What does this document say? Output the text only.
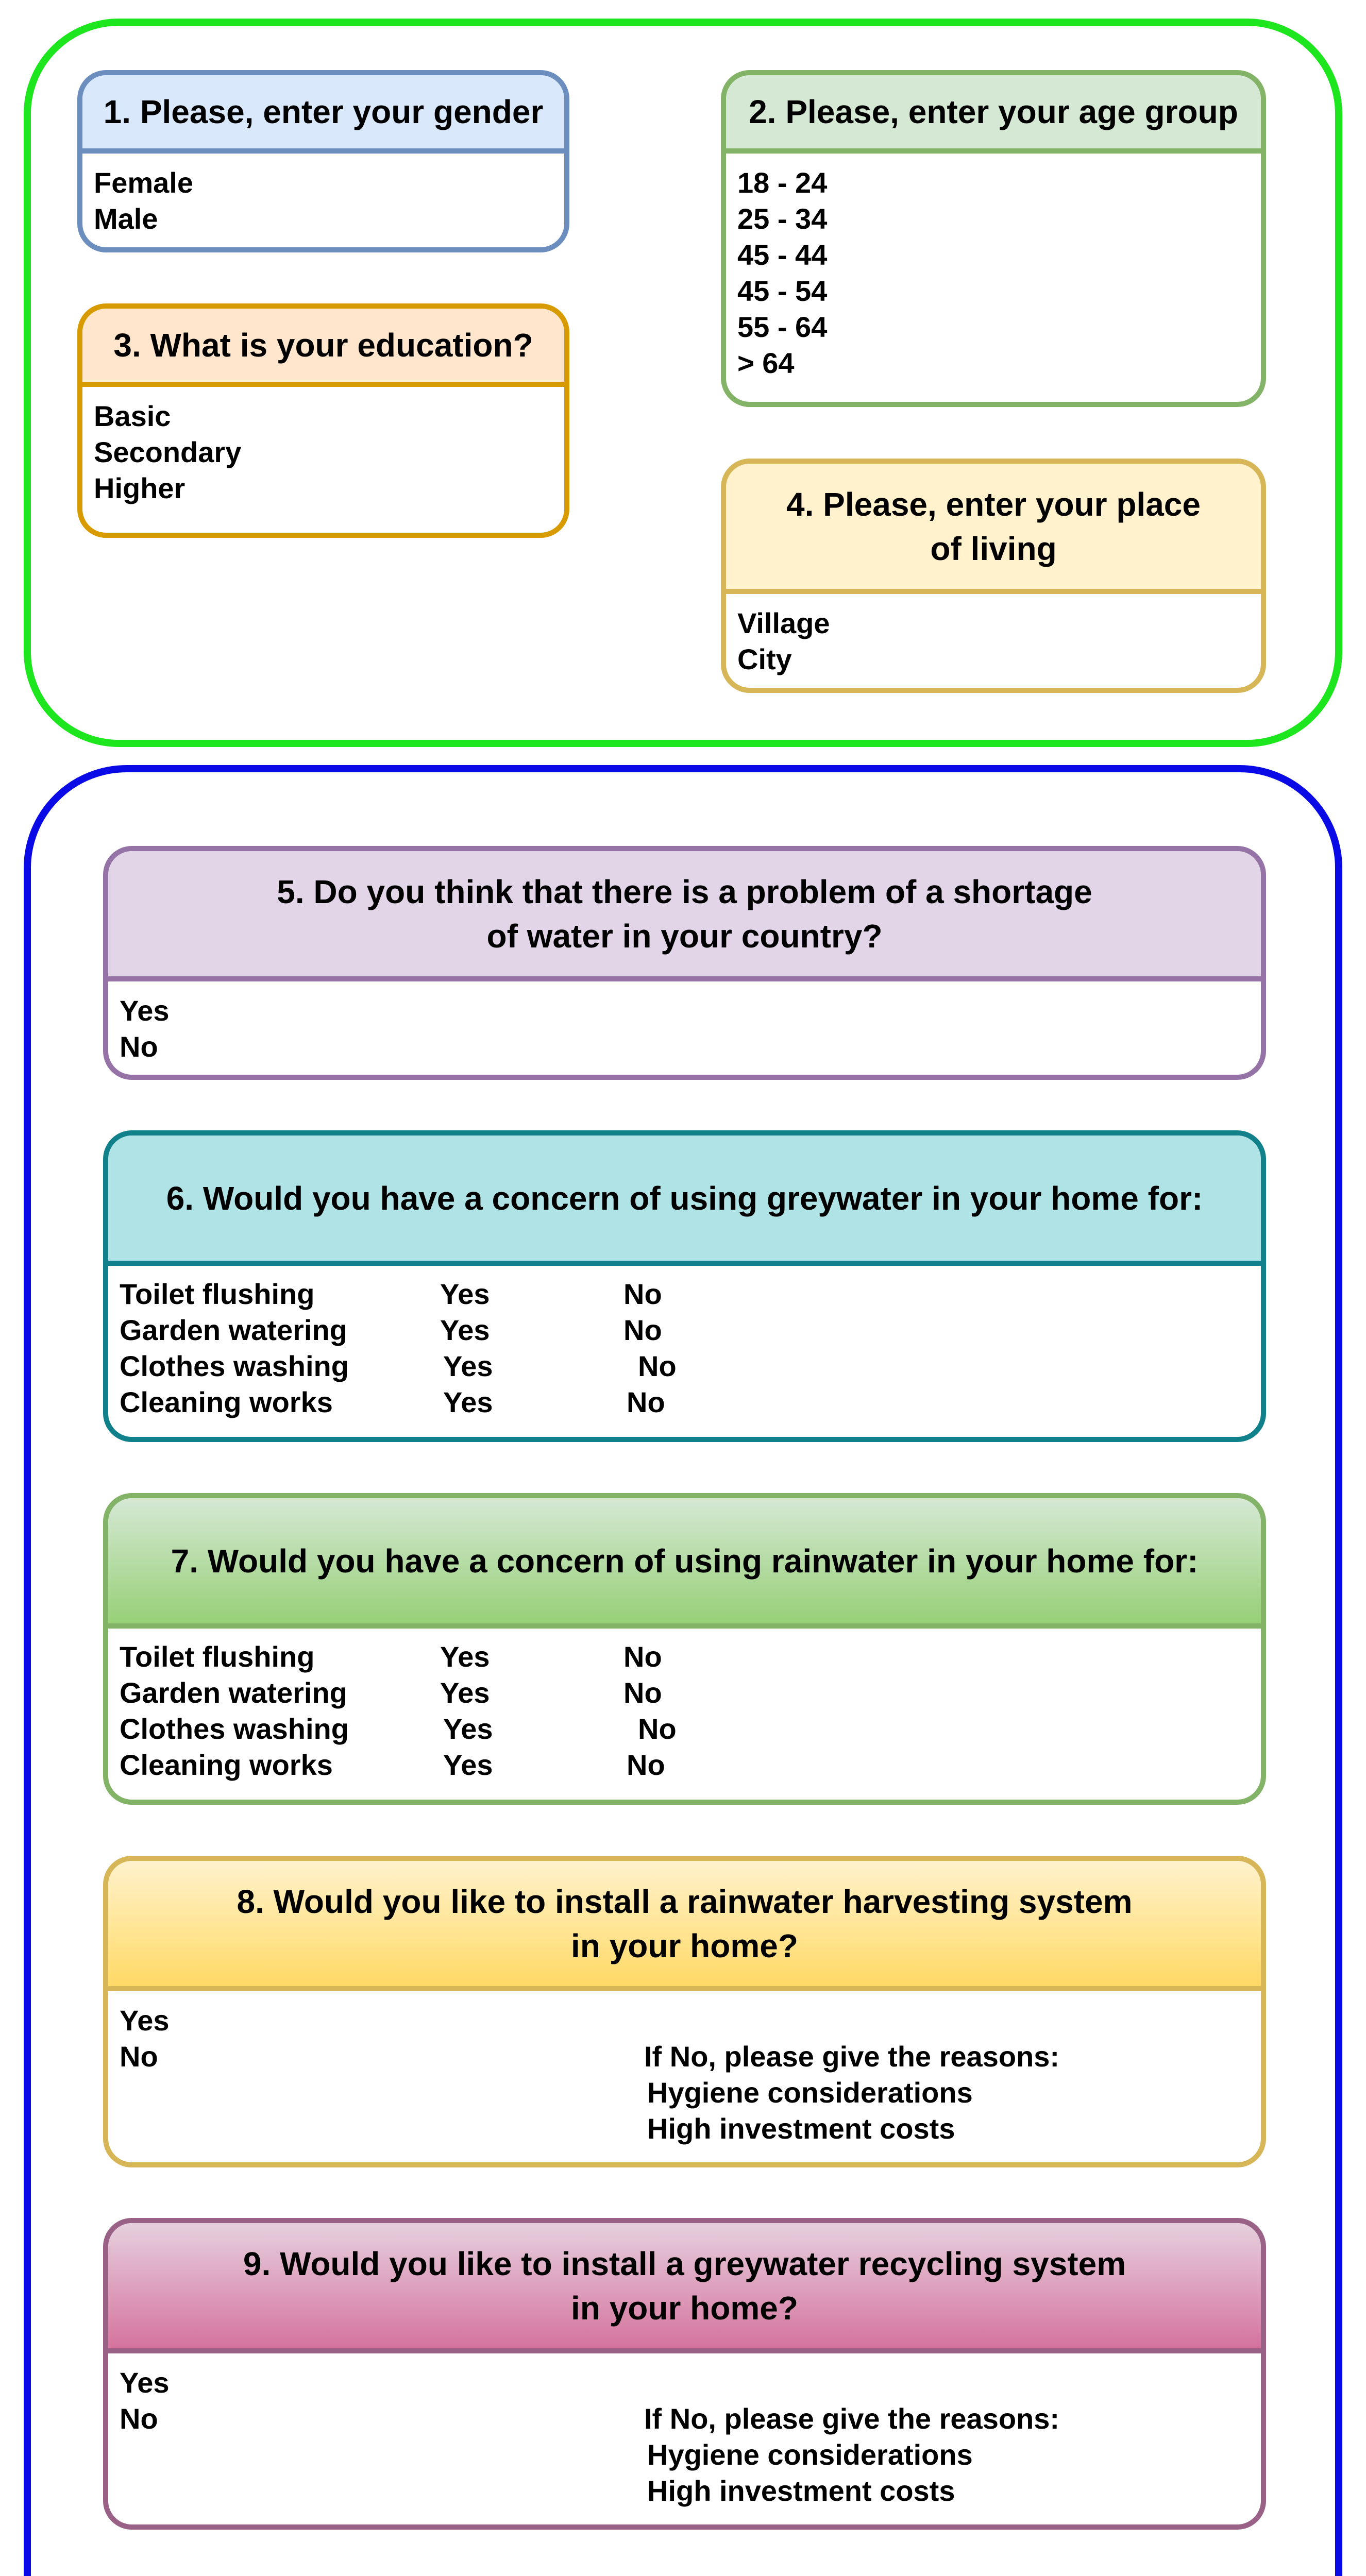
1. Please, enter your gender
Female
Male
2. Please, enter your age group
18 - 24
25 - 34
45 - 44
45 - 54
55 - 64
> 64
3. What is your education?
Basic
Secondary
Higher	4. Please, enter your place
of living
Village
City
5. Do you think that there is a problem of a shortage
of water in your country?
Yes
No
6. Would you have a concern of using greywater in your home for:
Toilet flushing	Yes	No
Garden watering	Yes	No
Clothes washing	Yes	No
Cleaning works	Yes	No
7. Would you have a concern of using rainwater in your home for:
Toilet flushing	Yes	No
Garden watering	Yes	No
Clothes washing	Yes	No
Cleaning works	Yes	No
8. Would you like to install a rainwater harvesting system
in your home?
Yes
No	If No, please give the reasons:
Hygiene considerations
High investment costs
9. Would you like to install a greywater recycling system
in your home?
Yes
No	If No, please give the reasons:
Hygiene considerations
High investment costs
